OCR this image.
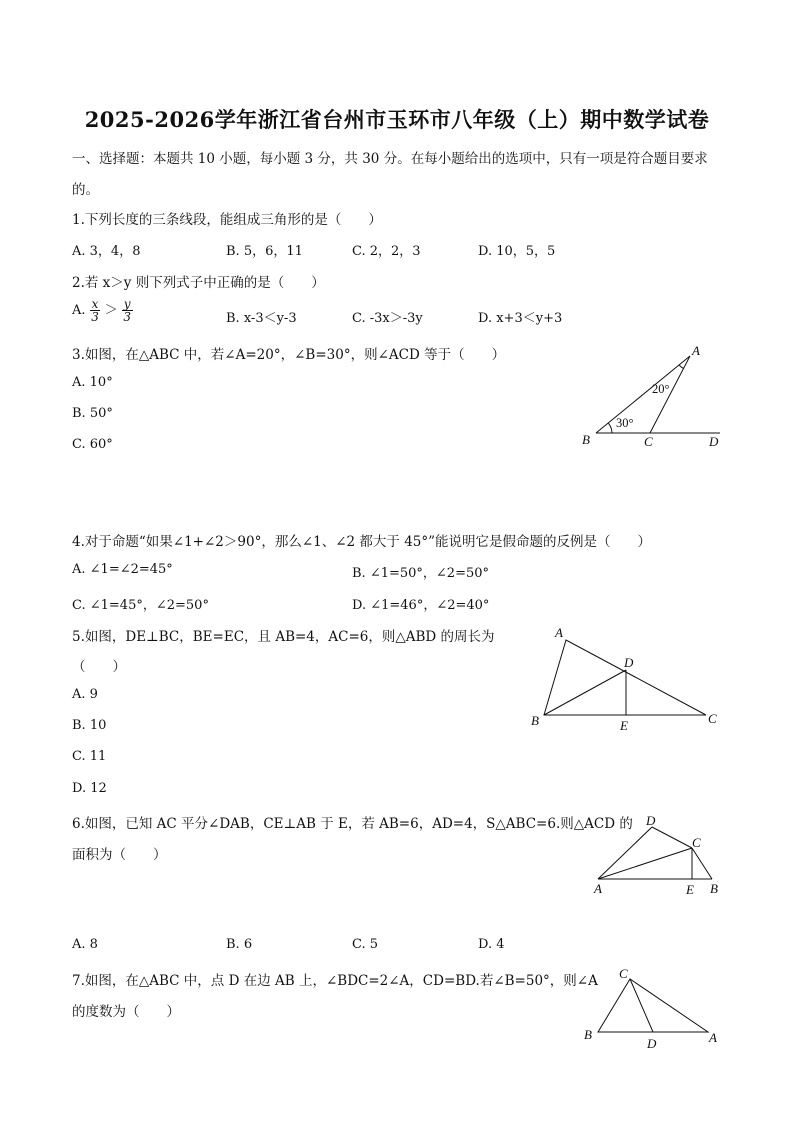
2025-2026学年浙江省台州市玉环市八年级（上）期中数学试卷
一、选择题：本题共 10 小题，每小题 3 分，共 30 分。在每小题给出的选项中，只有一项是符合题目要求
的。
1.下列长度的三条线段，能组成三角形的是（　　）
A. 3，4，8	B. 5，6，11	C. 2，2，3	D. 10，5，5
2.若 x＞y 则下列式子中正确的是（　　）
A. $\frac{x}{3} > \frac{y}{3}$	B. x-3＜y-3	C. -3x＞-3y	D. x+3＜y+3
3.如图，在△ABC 中，若∠A=20°，∠B=30°，则∠ACD 等于（　　）
A. 10°
B. 50°
C. 60°
A
B	C	D
20°
30°
4.对于命题“如果∠1+∠2＞90°，那么∠1、∠2 都大于 45°”能说明它是假命题的反例是（　　）
A. ∠1=∠2=45°	B. ∠1=50°，∠2=50°
C. ∠1=45°，∠2=50°	D. ∠1=46°，∠2=40°
5.如图，DE⊥BC，BE=EC，且 AB=4，AC=6，则△ABD 的周长为
（　　）
A. 9
B. 10
C. 11
D. 12
A
B	C
D
E
6.如图，已知 AC 平分∠DAB，CE⊥AB 于 E，若 AB=6，AD=4，S△ABC=6.则△ACD 的
面积为（　　）
A. 8	B. 6	C. 5	D. 4
D
C
A	E B
7.如图，在△ABC 中，点 D 在边 AB 上，∠BDC=2∠A，CD=BD.若∠B=50°，则∠A
的度数为（　　）
C
B
D	A
